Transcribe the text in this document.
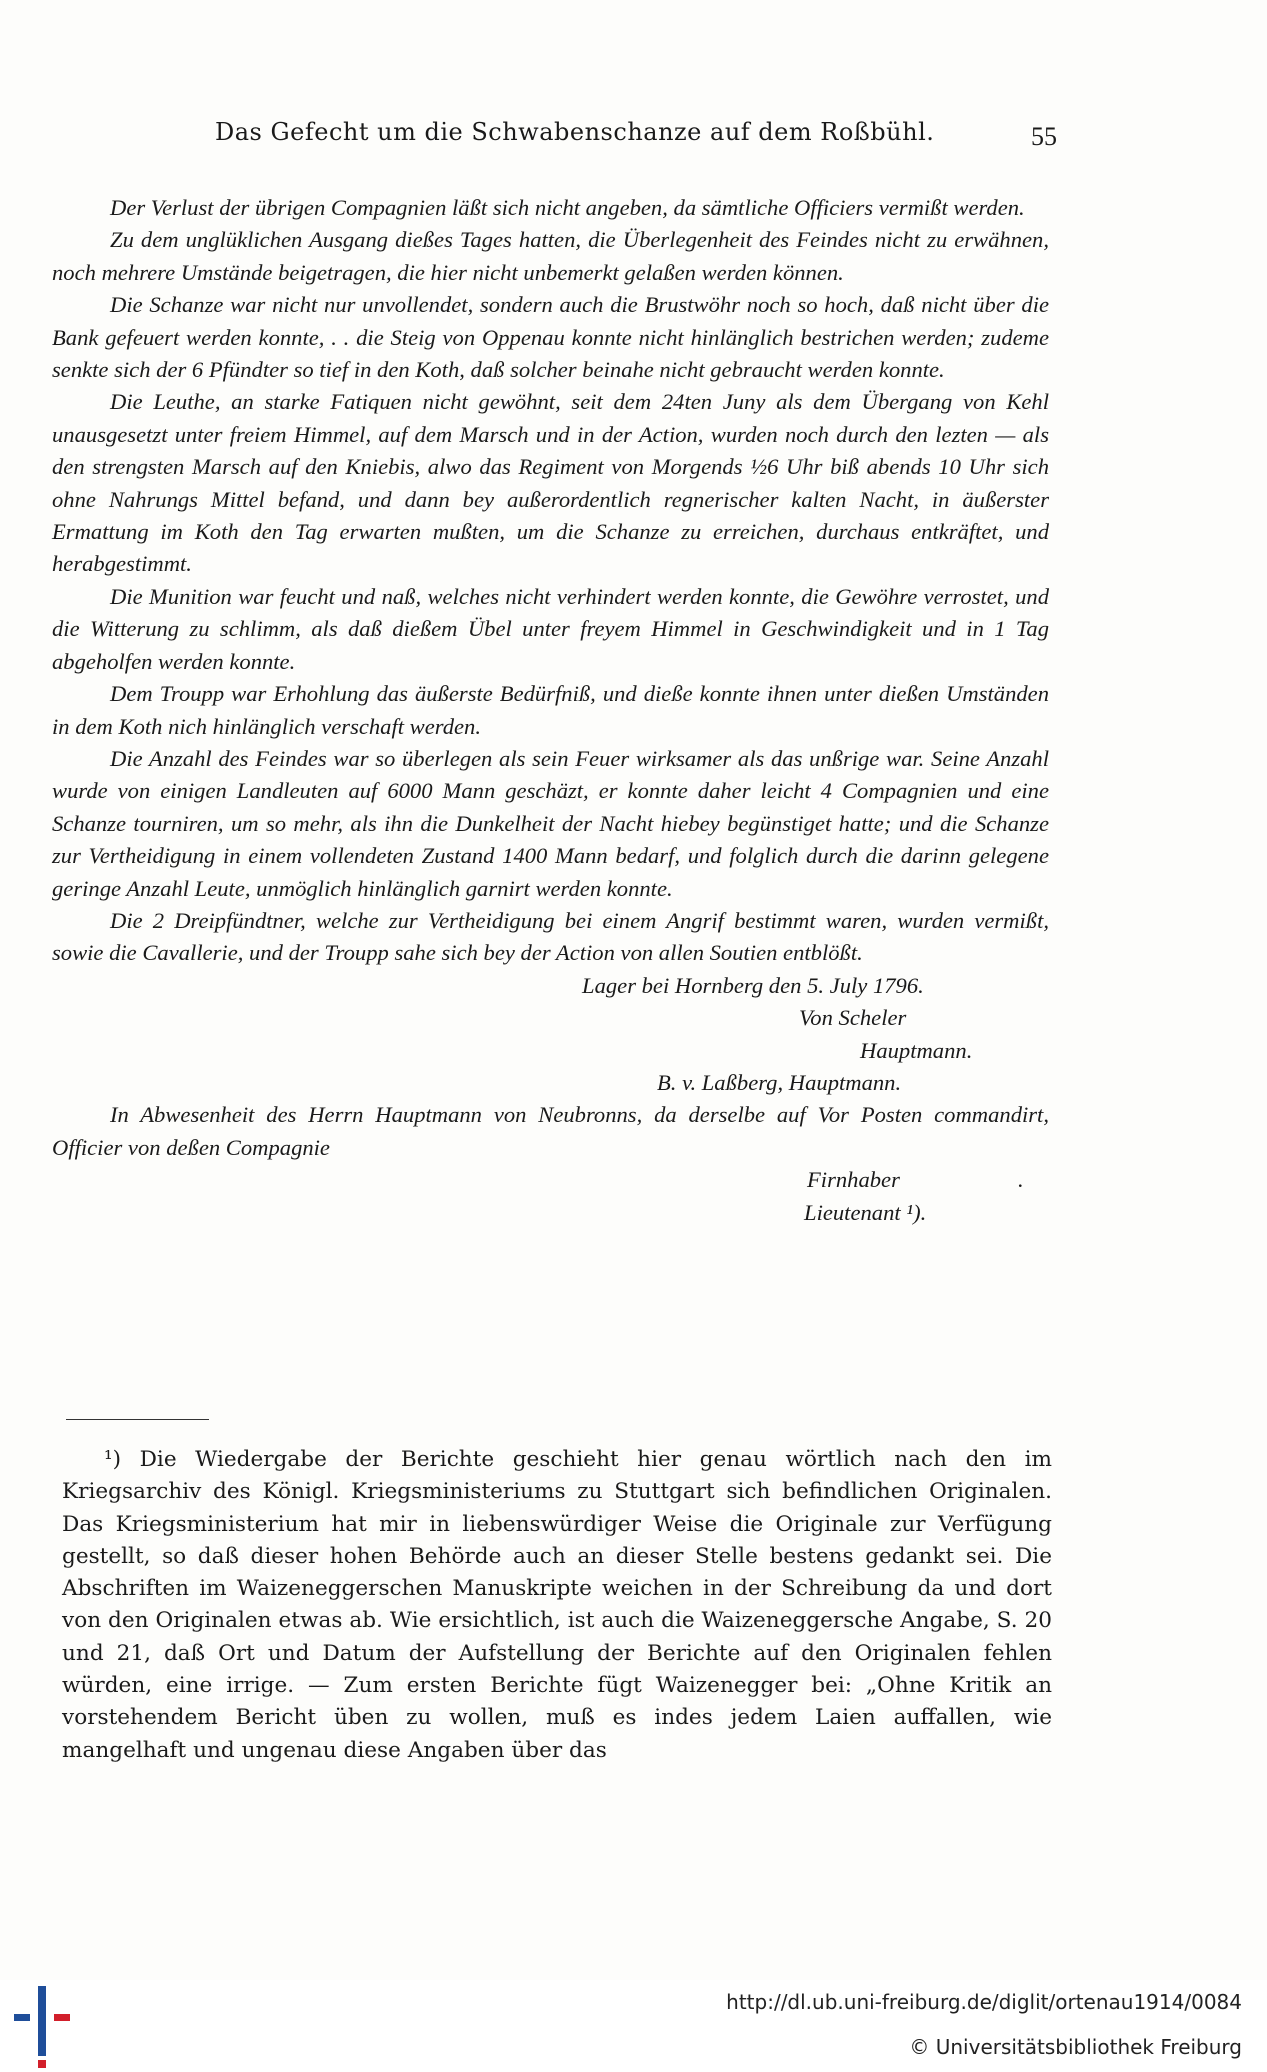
Das Gefecht um die Schwabenschanze auf dem Roßbühl.	55

Der Verlust der übrigen Compagnien läßt sich nicht angeben, da sämtliche Officiers vermißt werden.

Zu dem unglüklichen Ausgang dießes Tages hatten, die Überlegenheit des Feindes nicht zu erwähnen, noch mehrere Umstände beigetragen, die hier nicht unbemerkt gelaßen werden können.

Die Schanze war nicht nur unvollendet, sondern auch die Brustwöhr noch so hoch, daß nicht über die Bank gefeuert werden konnte, . . die Steig von Oppenau konnte nicht hinlänglich bestrichen werden; zudeme senkte sich der 6 Pfündter so tief in den Koth, daß solcher beinahe nicht gebraucht werden konnte.

Die Leuthe, an starke Fatiquen nicht gewöhnt, seit dem 24ten Juny als dem Übergang von Kehl unausgesetzt unter freiem Himmel, auf dem Marsch und in der Action, wurden noch durch den lezten — als den strengsten Marsch auf den Kniebis, alwo das Regiment von Morgends ½6 Uhr biß abends 10 Uhr sich ohne Nahrungs Mittel befand, und dann bey außerordentlich regnerischer kalten Nacht, in äußerster Ermattung im Koth den Tag erwarten mußten, um die Schanze zu erreichen, durchaus entkräftet, und herabgestimmt.

Die Munition war feucht und naß, welches nicht verhindert werden konnte, die Gewöhre verrostet, und die Witterung zu schlimm, als daß dießem Übel unter freyem Himmel in Geschwindigkeit und in 1 Tag abgeholfen werden konnte.

Dem Troupp war Erhohlung das äußerste Bedürfniß, und dieße konnte ihnen unter dießen Umständen in dem Koth nich hinlänglich verschaft werden.

Die Anzahl des Feindes war so überlegen als sein Feuer wirksamer als das unßrige war. Seine Anzahl wurde von einigen Landleuten auf 6000 Mann geschäzt, er konnte daher leicht 4 Compagnien und eine Schanze tourniren, um so mehr, als ihn die Dunkelheit der Nacht hiebey begünstiget hatte; und die Schanze zur Vertheidigung in einem vollendeten Zustand 1400 Mann bedarf, und folglich durch die darinn gelegene geringe Anzahl Leute, unmöglich hinlänglich garnirt werden konnte.

Die 2 Dreipfündtner, welche zur Vertheidigung bei einem Angrif bestimmt waren, wurden vermißt, sowie die Cavallerie, und der Troupp sahe sich bey der Action von allen Soutien entblößt.

Lager bei Hornberg den 5. July 1796.
Von Scheler
Hauptmann.
B. v. Laßberg, Hauptmann.

In Abwesenheit des Herrn Hauptmann von Neubronns, da derselbe auf Vor Posten commandirt, Officier von deßen Compagnie

Firnhaber	.
Lieutenant ¹).

¹) Die Wiedergabe der Berichte geschieht hier genau wörtlich nach den im Kriegsarchiv des Königl. Kriegsministeriums zu Stuttgart sich befindlichen Originalen. Das Kriegsministerium hat mir in liebenswürdiger Weise die Originale zur Verfügung gestellt, so daß dieser hohen Behörde auch an dieser Stelle bestens gedankt sei. Die Abschriften im Waizeneggerschen Manuskripte weichen in der Schreibung da und dort von den Originalen etwas ab. Wie ersichtlich, ist auch die Waizeneggersche Angabe, S. 20 und 21, daß Ort und Datum der Aufstellung der Berichte auf den Originalen fehlen würden, eine irrige. — Zum ersten Berichte fügt Waizenegger bei: „Ohne Kritik an vorstehendem Bericht üben zu wollen, muß es indes jedem Laien auffallen, wie mangelhaft und ungenau diese Angaben über das

http://dl.ub.uni-freiburg.de/diglit/ortenau1914/0084
© Universitätsbibliothek Freiburg
